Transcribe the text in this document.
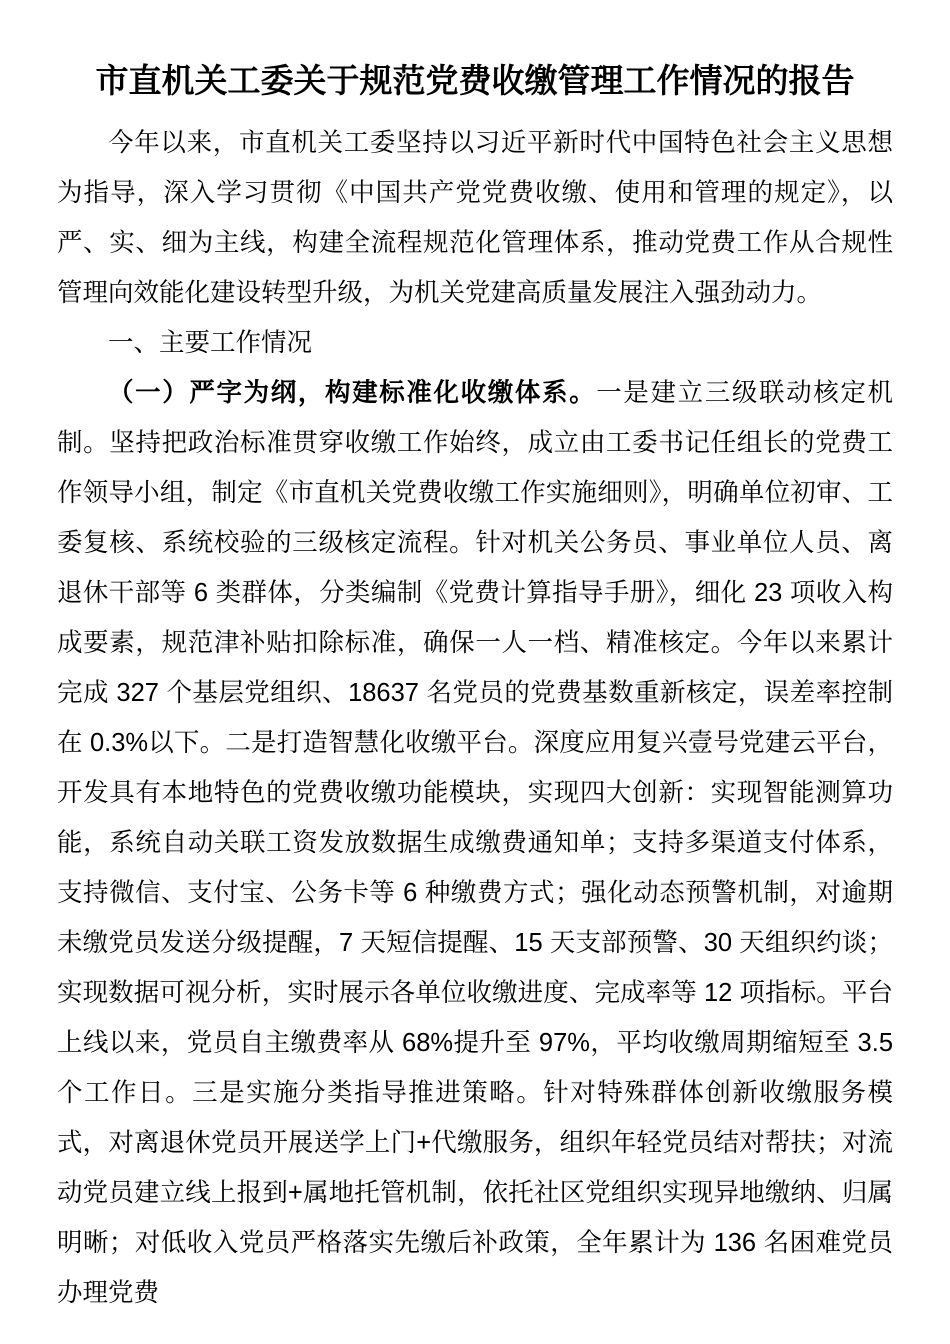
市直机关工委关于规范党费收缴管理工作情况的报告

今年以来，市直机关工委坚持以习近平新时代中国特色社会主义思想为指导，深入学习贯彻《中国共产党党费收缴、使用和管理的规定》，以严、实、细为主线，构建全流程规范化管理体系，推动党费工作从合规性管理向效能化建设转型升级，为机关党建高质量发展注入强劲动力。

一、主要工作情况

（一）严字为纲，构建标准化收缴体系。一是建立三级联动核定机制。坚持把政治标准贯穿收缴工作始终，成立由工委书记任组长的党费工作领导小组，制定《市直机关党费收缴工作实施细则》，明确单位初审、工委复核、系统校验的三级核定流程。针对机关公务员、事业单位人员、离退休干部等 6 类群体，分类编制《党费计算指导手册》，细化 23 项收入构成要素，规范津补贴扣除标准，确保一人一档、精准核定。今年以来累计完成 327 个基层党组织、18637 名党员的党费基数重新核定，误差率控制在 0.3%以下。二是打造智慧化收缴平台。深度应用复兴壹号党建云平台，开发具有本地特色的党费收缴功能模块，实现四大创新：实现智能测算功能，系统自动关联工资发放数据生成缴费通知单；支持多渠道支付体系，支持微信、支付宝、公务卡等 6 种缴费方式；强化动态预警机制，对逾期未缴党员发送分级提醒，7 天短信提醒、15 天支部预警、30 天组织约谈；实现数据可视分析，实时展示各单位收缴进度、完成率等 12 项指标。平台上线以来，党员自主缴费率从 68%提升至 97%，平均收缴周期缩短至 3.5 个工作日。三是实施分类指导推进策略。针对特殊群体创新收缴服务模式，对离退休党员开展送学上门+代缴服务，组织年轻党员结对帮扶；对流动党员建立线上报到+属地托管机制，依托社区党组织实现异地缴纳、归属明晰；对低收入党员严格落实先缴后补政策，全年累计为 136 名困难党员办理党费
